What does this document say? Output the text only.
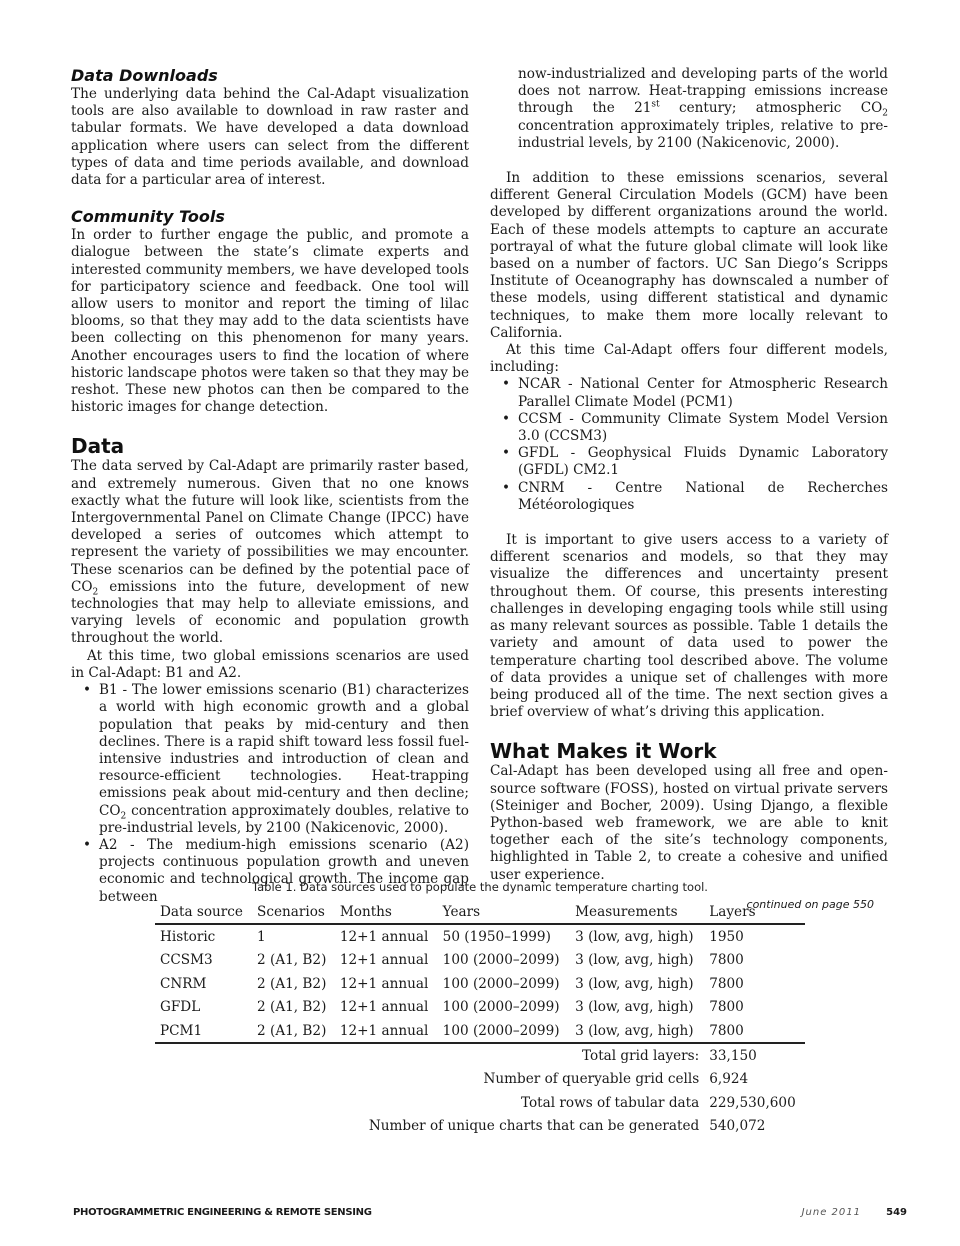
Data Downloads

The underlying data behind the Cal-Adapt visualization tools are also available to download in raw raster and tabular formats. We have developed a data download application where users can select from the different types of data and time periods available, and download data for a particular area of interest.

Community Tools

In order to further engage the public, and promote a dialogue between the state’s climate experts and interested community members, we have developed tools for participatory science and feedback. One tool will allow users to monitor and report the timing of lilac blooms, so that they may add to the data scientists have been collecting on this phenomenon for many years. Another encourages users to find the location of where historic landscape photos were taken so that they may be reshot. These new photos can then be compared to the historic images for change detection.

Data

The data served by Cal-Adapt are primarily raster based, and extremely numerous. Given that no one knows exactly what the future will look like, scientists from the Intergovernmental Panel on Climate Change (IPCC) have developed a series of outcomes which attempt to represent the variety of possibilities we may encounter. These scenarios can be defined by the potential pace of $CO_2$ emissions into the future, development of new technologies that may help to alleviate emissions, and varying levels of economic and population growth throughout the world.

At this time, two global emissions scenarios are used in Cal-Adapt: B1 and A2.

• B1 - The lower emissions scenario (B1) characterizes a world with high economic growth and a global population that peaks by mid-century and then declines. There is a rapid shift toward less fossil fuel-intensive industries and introduction of clean and resource-efficient technologies. Heat-trapping emissions peak about mid-century and then decline; $CO_2$ concentration approximately doubles, relative to pre-industrial levels, by 2100 (Nakicenovic, 2000).
• A2 - The medium-high emissions scenario (A2) projects continuous population growth and uneven economic and technological growth. The income gap between
now-industrialized and developing parts of the world does not narrow. Heat-trapping emissions increase through the 21st century; atmospheric $CO_2$ concentration approximately triples, relative to pre-industrial levels, by 2100 (Nakicenovic, 2000).

In addition to these emissions scenarios, several different General Circulation Models (GCM) have been developed by different organizations around the world. Each of these models attempts to capture an accurate portrayal of what the future global climate will look like based on a number of factors. UC San Diego’s Scripps Institute of Oceanography has downscaled a number of these models, using different statistical and dynamic techniques, to make them more locally relevant to California.

At this time Cal-Adapt offers four different models, including:

• NCAR - National Center for Atmospheric Research Parallel Climate Model (PCM1)
• CCSM - Community Climate System Model Version 3.0 (CCSM3)
• GFDL - Geophysical Fluids Dynamic Laboratory (GFDL) CM2.1
• CNRM - Centre National de Recherches Météorologiques

It is important to give users access to a variety of different scenarios and models, so that they may visualize the differences and uncertainty present throughout them. Of course, this presents interesting challenges in developing engaging tools while still using as many relevant sources as possible. Table 1 details the variety and amount of data used to power the temperature charting tool described above. The volume of data provides a unique set of challenges with more being produced all of the time. The next section gives a brief overview of what’s driving this application.

What Makes it Work

Cal-Adapt has been developed using all free and open-source software (FOSS), hosted on virtual private servers (Steiniger and Bocher, 2009). Using Django, a flexible Python-based web framework, we are able to knit together each of the site’s technology components, highlighted in Table 2, to create a cohesive and unified user experience.

continued on page 550
Table 1. Data sources used to populate the dynamic temperature charting tool.
Data source	Scenarios	Months	Years	Measurements	Layers
Historic	1	12+1 annual	50 (1950–1999)	3 (low, avg, high)	1950
CCSM3	2 (A1, B2)	12+1 annual	100 (2000–2099)	3 (low, avg, high)	7800
CNRM	2 (A1, B2)	12+1 annual	100 (2000–2099)	3 (low, avg, high)	7800
GFDL	2 (A1, B2)	12+1 annual	100 (2000–2099)	3 (low, avg, high)	7800
PCM1	2 (A1, B2)	12+1 annual	100 (2000–2099)	3 (low, avg, high)	7800
Total grid layers:					33,150
Number of queryable grid cells					6,924
Total rows of tabular data					229,530,600
Number of unique charts that can be generated					540,072
PHOTOGRAMMETRIC ENGINEERING & REMOTE SENSING	June 2011	549
